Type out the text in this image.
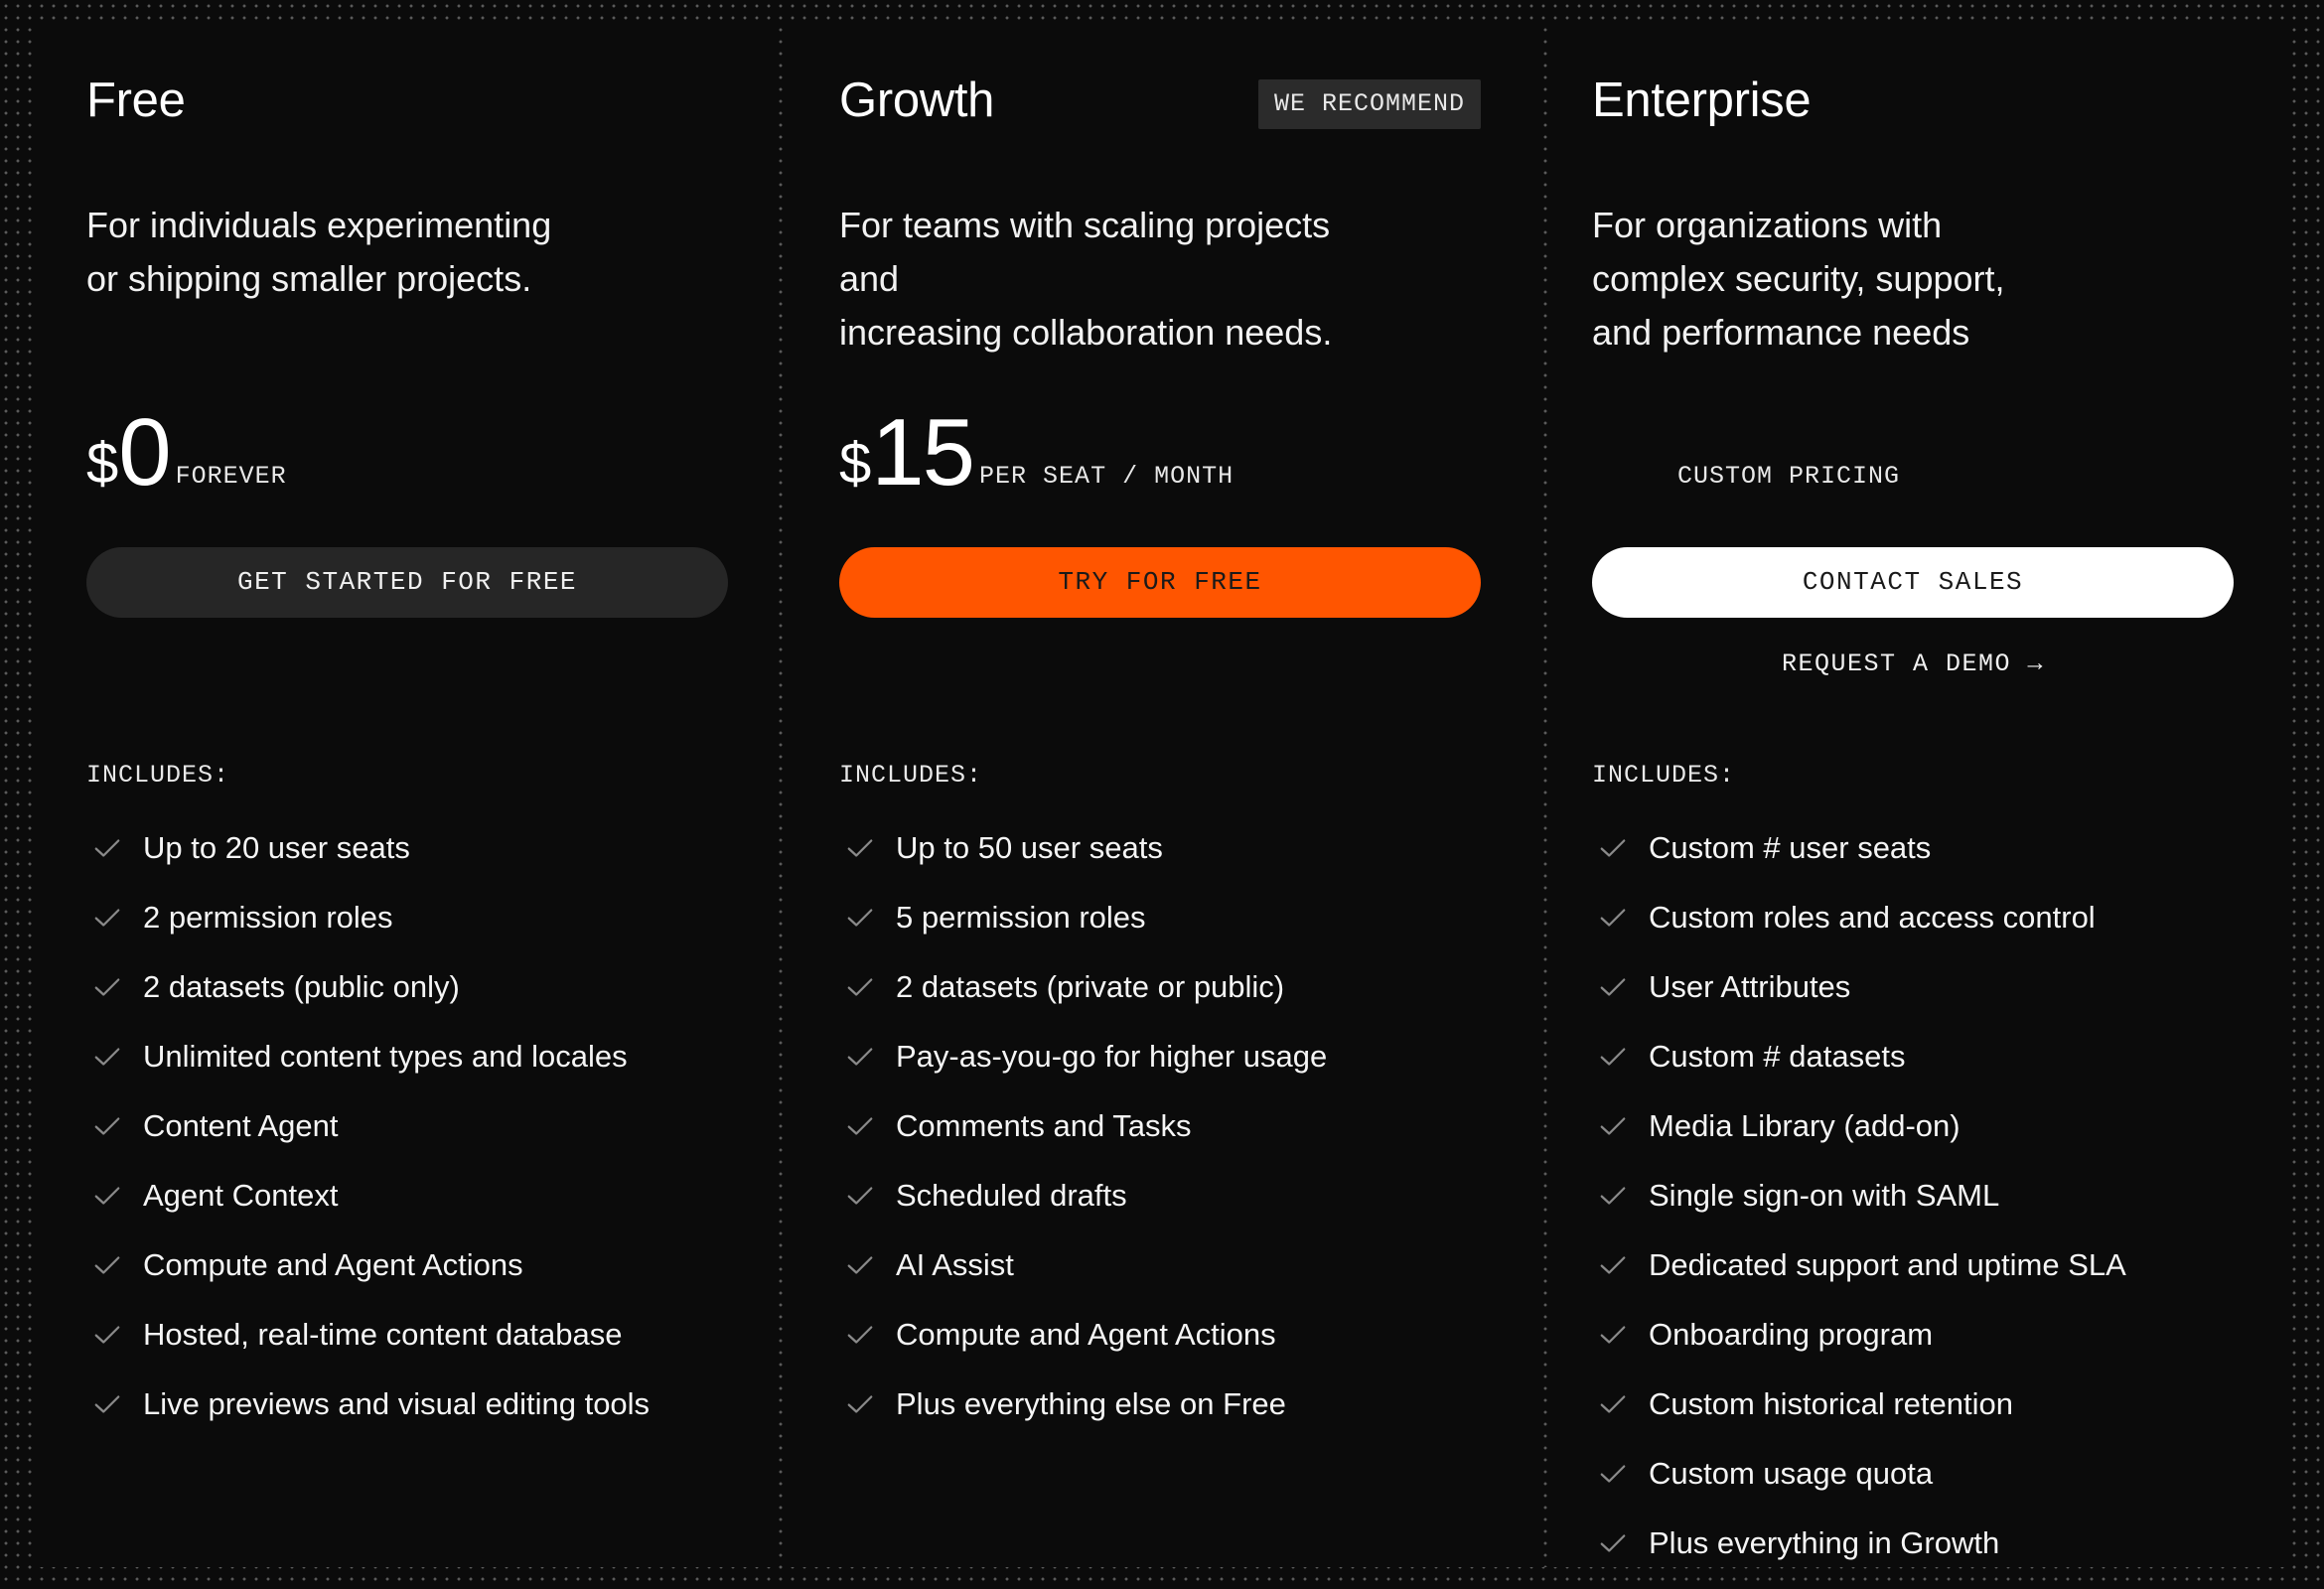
Free
For individuals experimenting
or shipping smaller projects.
$ 0 FOREVER
GET STARTED FOR FREE
INCLUDES:
Up to 20 user seats
2 permission roles
2 datasets (public only)
Unlimited content types and locales
Content Agent
Agent Context
Compute and Agent Actions
Hosted, real-time content database
Live previews and visual editing tools
Growth	WE RECOMMEND
For teams with scaling projects and
increasing collaboration needs.
$ 15 PER SEAT / MONTH
TRY FOR FREE
INCLUDES:
Up to 50 user seats
5 permission roles
2 datasets (private or public)
Pay-as-you-go for higher usage
Comments and Tasks
Scheduled drafts
AI Assist
Compute and Agent Actions
Plus everything else on Free
Enterprise
For organizations with
complex security, support,
and performance needs
CUSTOM PRICING
CONTACT SALES
REQUEST A DEMO →
INCLUDES:
Custom # user seats
Custom roles and access control
User Attributes
Custom # datasets
Media Library (add-on)
Single sign-on with SAML
Dedicated support and uptime SLA
Onboarding program
Custom historical retention
Custom usage quota
Plus everything in Growth
